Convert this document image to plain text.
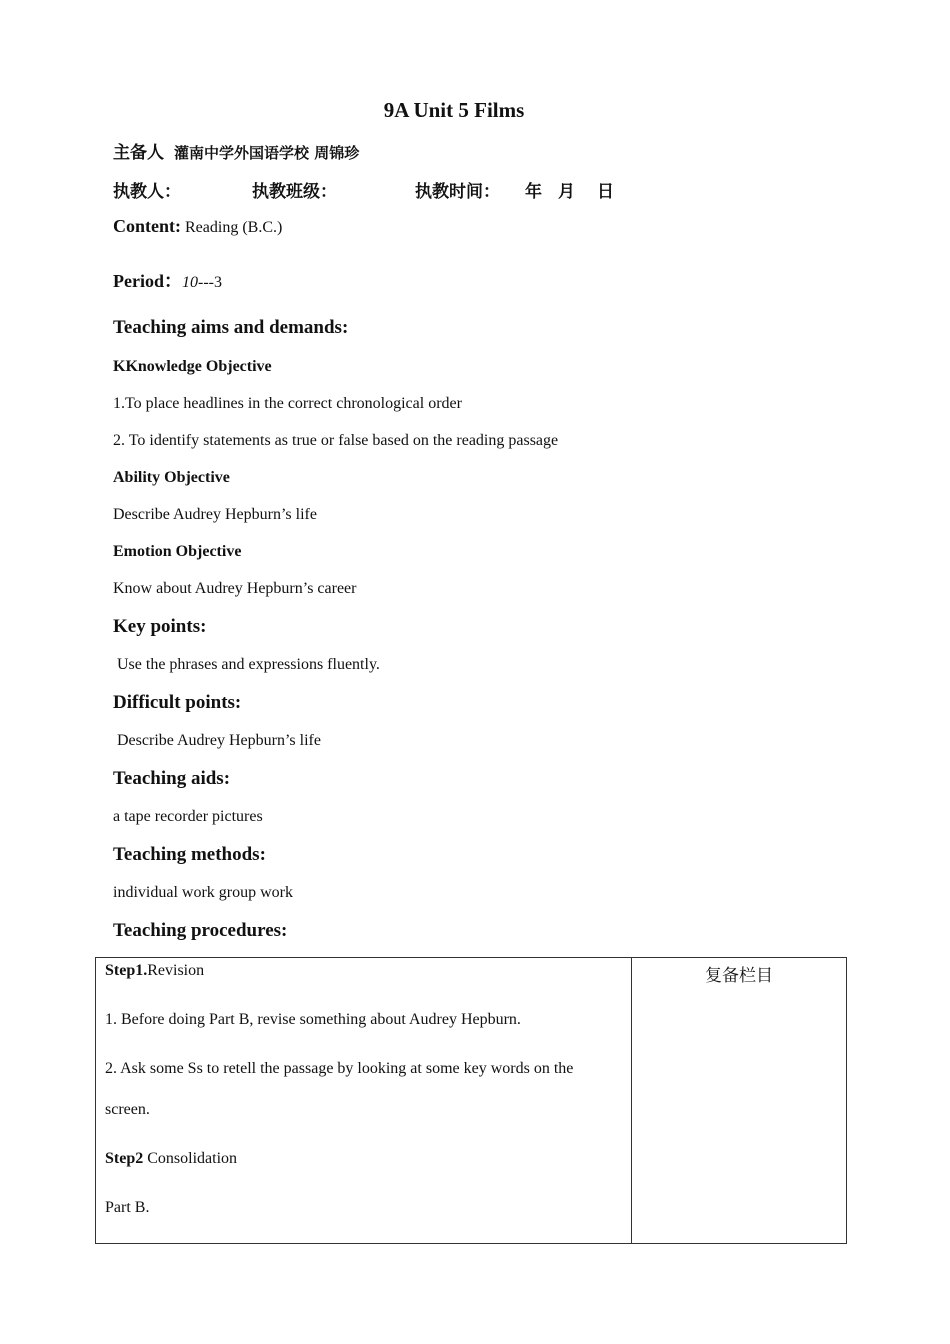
9A Unit 5 Films
主备人 灌南中学外国语学校 周锦珍
执教人：	执教班级：	执教时间： 年 月 日
Content: Reading (B.C.)
Period：10---3
Teaching aims and demands:
KKnowledge Objective
1.To place headlines in the correct chronological order
2. To identify statements as true or false based on the reading passage
Ability Objective
Describe Audrey Hepburn’s life
Emotion Objective
Know about Audrey Hepburn’s career
Key points:
Use the phrases and expressions fluently.
Difficult points:
Describe Audrey Hepburn’s life
Teaching aids:
a tape recorder pictures
Teaching methods:
individual work group work
Teaching procedures:
Step1.Revision
1. Before doing Part B, revise something about Audrey Hepburn.
2. Ask some Ss to retell the passage by looking at some key words on the
screen.
Step2 Consolidation
Part B.
复备栏目
